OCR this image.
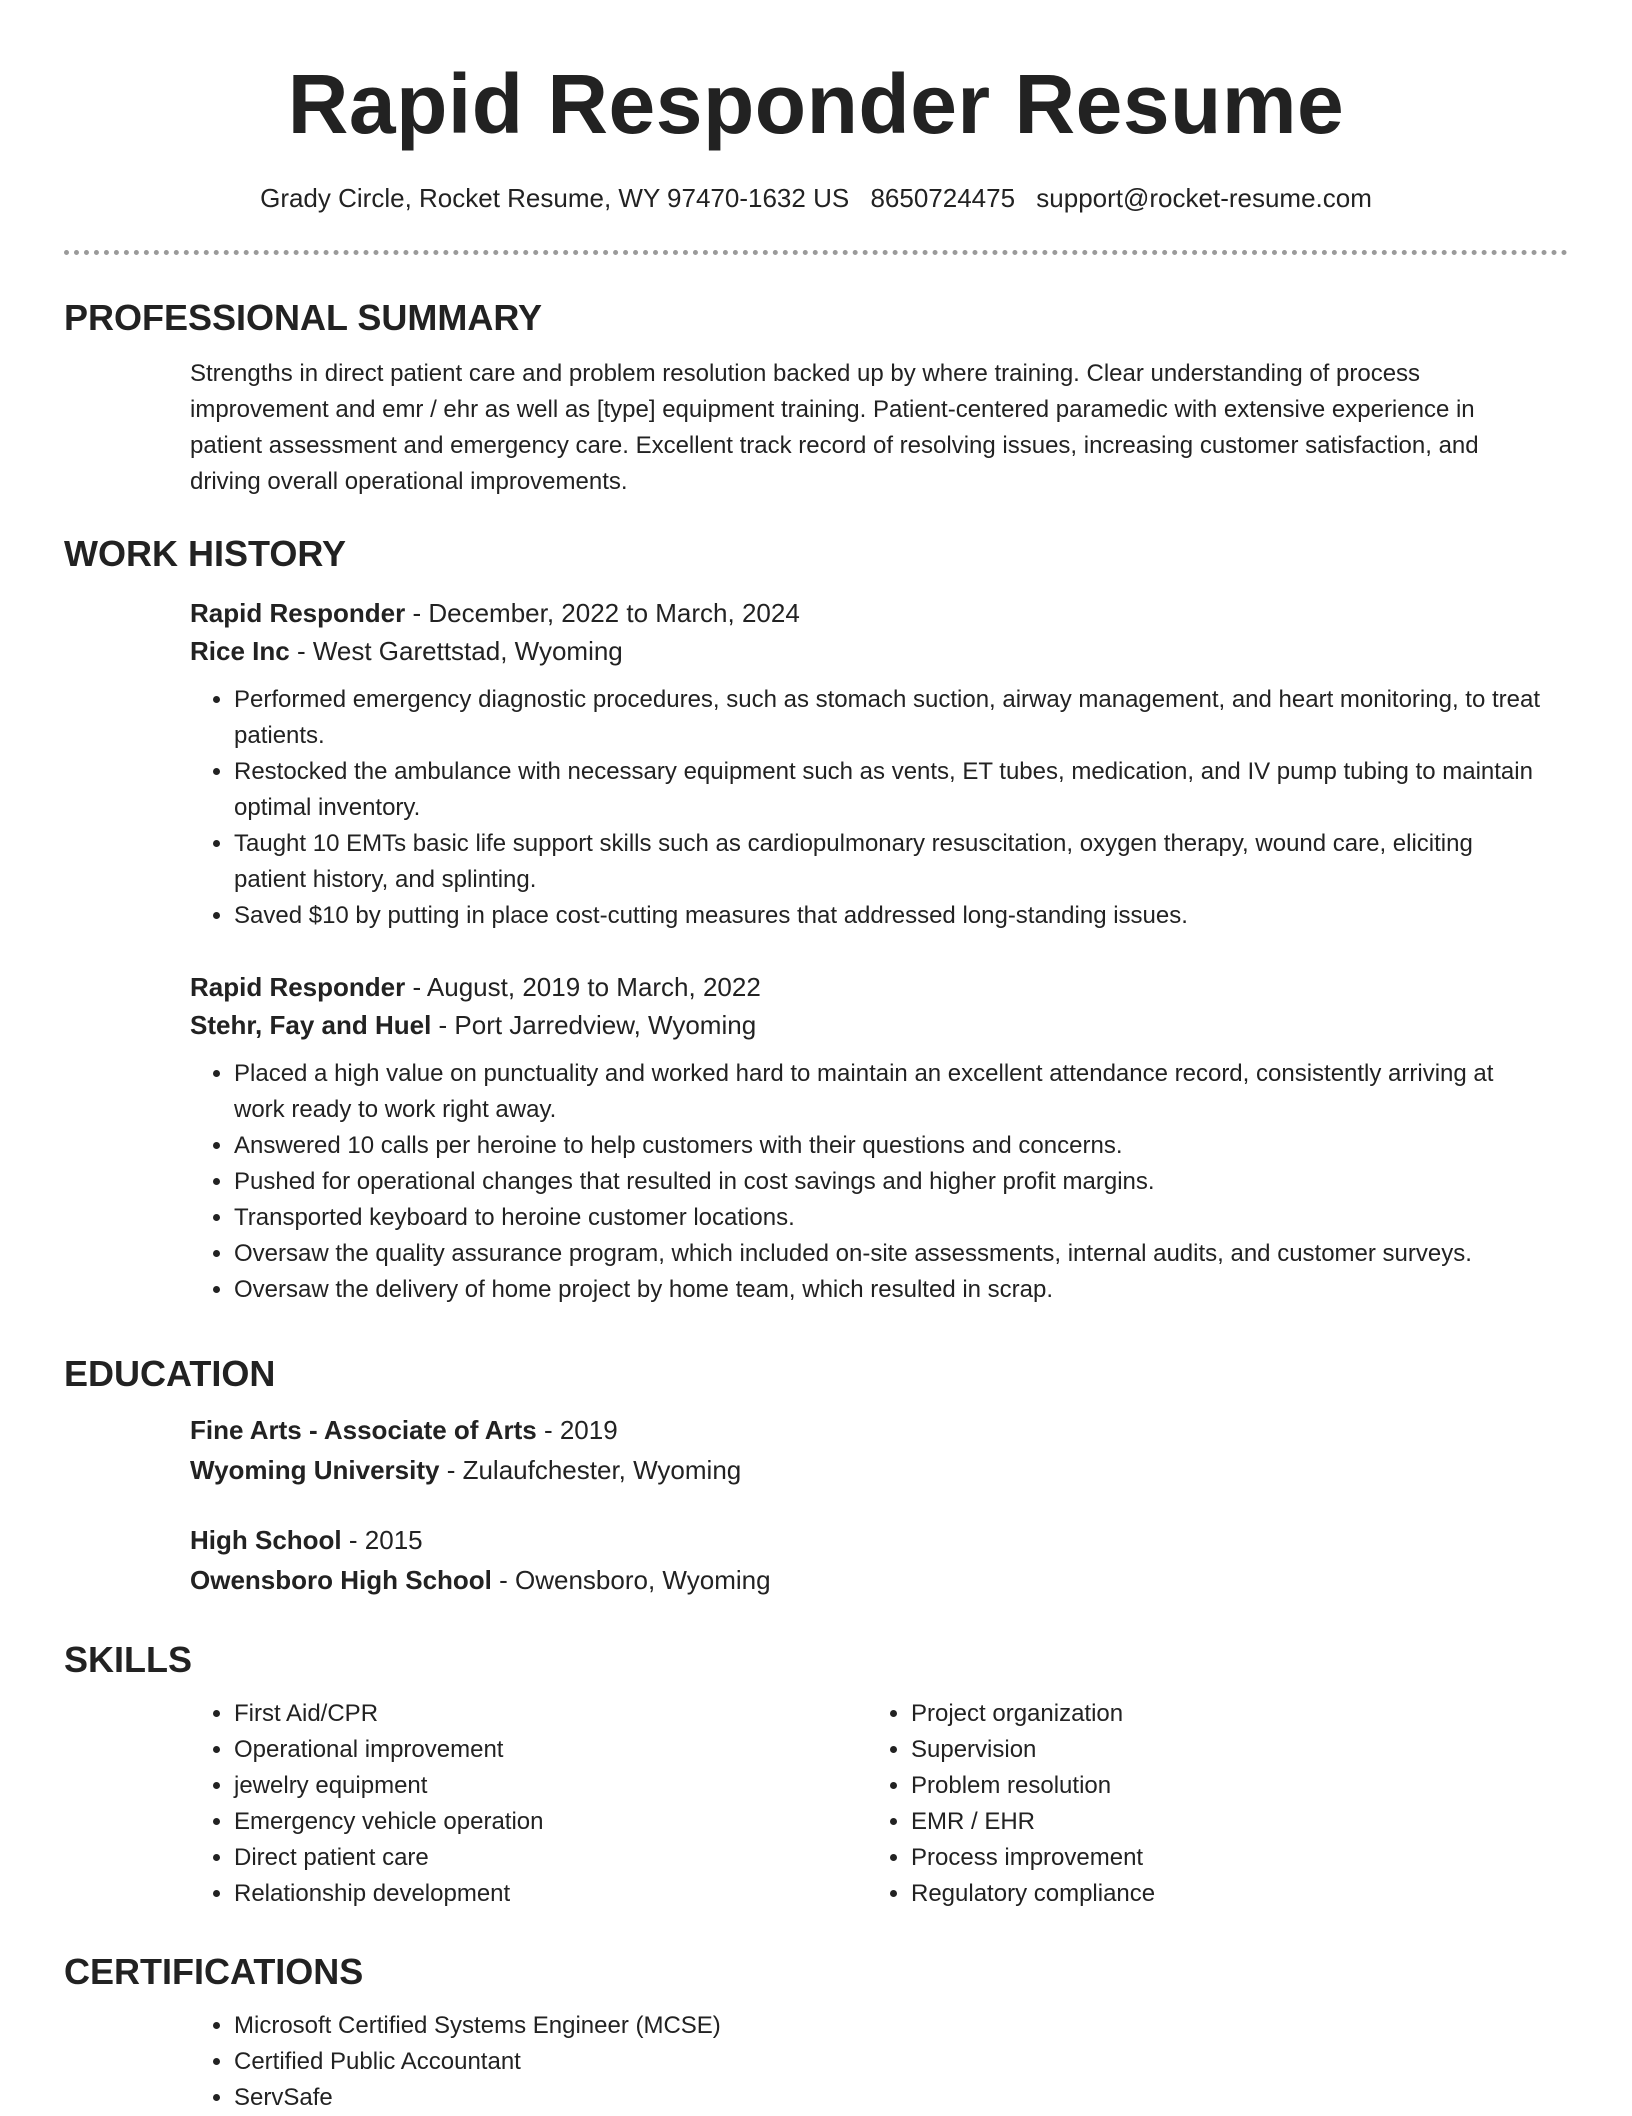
Rapid Responder Resume
Grady Circle, Rocket Resume, WY 97470-1632 US 8650724475 support@rocket-resume.com
PROFESSIONAL SUMMARY
Strengths in direct patient care and problem resolution backed up by where training. Clear understanding of process improvement and emr / ehr as well as [type] equipment training. Patient-centered paramedic with extensive experience in patient assessment and emergency care. Excellent track record of resolving issues, increasing customer satisfaction, and driving overall operational improvements.
WORK HISTORY
Rapid Responder - December, 2022 to March, 2024
Rice Inc - West Garettstad, Wyoming
• Performed emergency diagnostic procedures, such as stomach suction, airway management, and heart monitoring, to treat patients.
• Restocked the ambulance with necessary equipment such as vents, ET tubes, medication, and IV pump tubing to maintain optimal inventory.
• Taught 10 EMTs basic life support skills such as cardiopulmonary resuscitation, oxygen therapy, wound care, eliciting patient history, and splinting.
• Saved $10 by putting in place cost-cutting measures that addressed long-standing issues.
Rapid Responder - August, 2019 to March, 2022
Stehr, Fay and Huel - Port Jarredview, Wyoming
• Placed a high value on punctuality and worked hard to maintain an excellent attendance record, consistently arriving at work ready to work right away.
• Answered 10 calls per heroine to help customers with their questions and concerns.
• Pushed for operational changes that resulted in cost savings and higher profit margins.
• Transported keyboard to heroine customer locations.
• Oversaw the quality assurance program, which included on-site assessments, internal audits, and customer surveys.
• Oversaw the delivery of home project by home team, which resulted in scrap.
EDUCATION
Fine Arts - Associate of Arts - 2019
Wyoming University - Zulaufchester, Wyoming
High School - 2015
Owensboro High School - Owensboro, Wyoming
SKILLS
• First Aid/CPR
• Operational improvement
• jewelry equipment
• Emergency vehicle operation
• Direct patient care
• Relationship development
• Project organization
• Supervision
• Problem resolution
• EMR / EHR
• Process improvement
• Regulatory compliance
CERTIFICATIONS
• Microsoft Certified Systems Engineer (MCSE)
• Certified Public Accountant
• ServSafe
